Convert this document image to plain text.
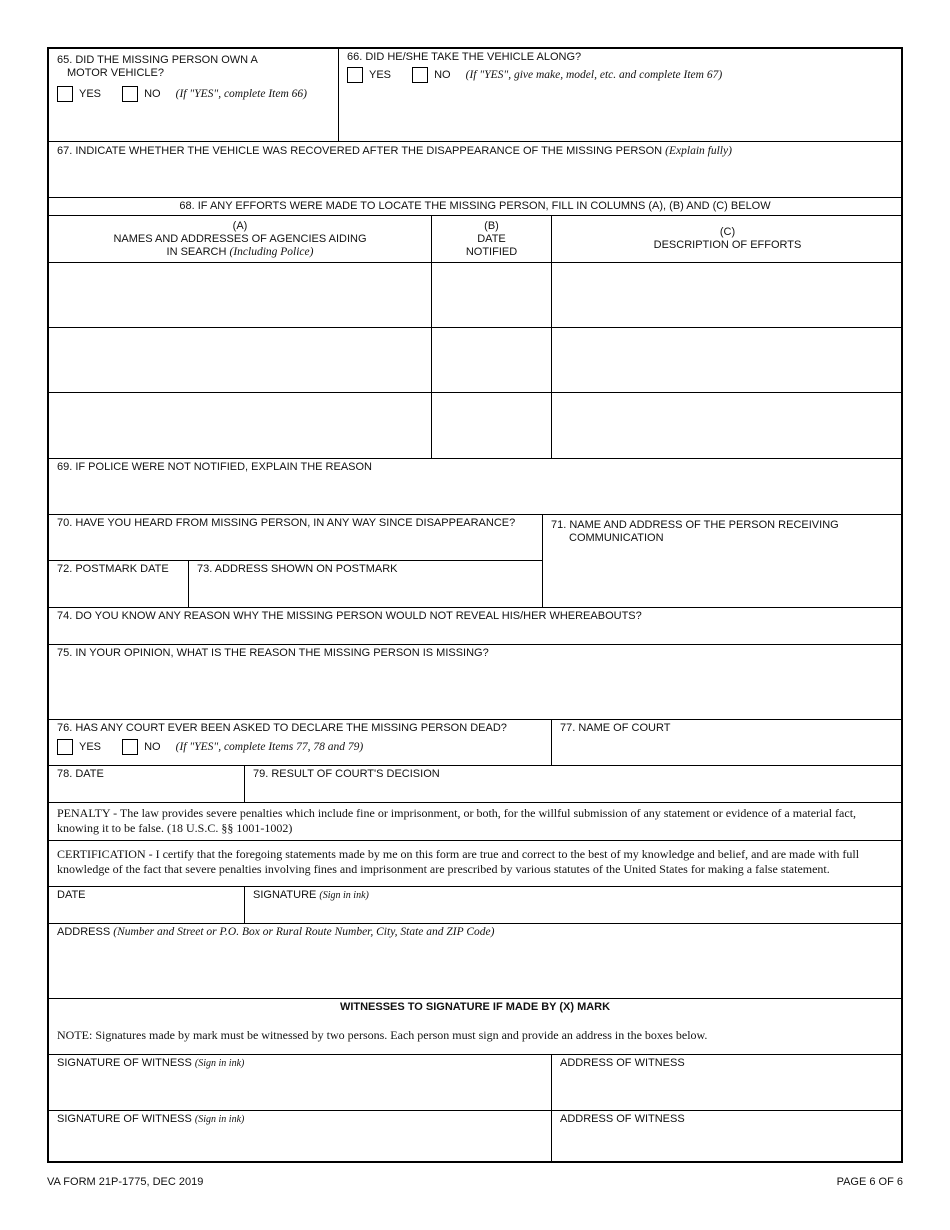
65. DID THE MISSING PERSON OWN A
MOTOR VEHICLE?
YES	NO (If "YES", complete Item 66)
66. DID HE/SHE TAKE THE VEHICLE ALONG?
YES	NO (If "YES", give make, model, etc. and complete Item 67)
67. INDICATE WHETHER THE VEHICLE WAS RECOVERED AFTER THE DISAPPEARANCE OF THE MISSING PERSON (Explain fully)
68. IF ANY EFFORTS WERE MADE TO LOCATE THE MISSING PERSON, FILL IN COLUMNS (A), (B) AND (C) BELOW
(A)
NAMES AND ADDRESSES OF AGENCIES AIDING
IN SEARCH (Including Police)
(B)
DATE
NOTIFIED
(C)
DESCRIPTION OF EFFORTS
69. IF POLICE WERE NOT NOTIFIED, EXPLAIN THE REASON
70. HAVE YOU HEARD FROM MISSING PERSON, IN ANY WAY SINCE DISAPPEARANCE?
72. POSTMARK DATE	73. ADDRESS SHOWN ON POSTMARK
71. NAME AND ADDRESS OF THE PERSON RECEIVING
COMMUNICATION
74. DO YOU KNOW ANY REASON WHY THE MISSING PERSON WOULD NOT REVEAL HIS/HER WHEREABOUTS?
75. IN YOUR OPINION, WHAT IS THE REASON THE MISSING PERSON IS MISSING?
76. HAS ANY COURT EVER BEEN ASKED TO DECLARE THE MISSING PERSON DEAD?
YES	NO (If "YES", complete Items 77, 78 and 79)
77. NAME OF COURT
78. DATE	79. RESULT OF COURT'S DECISION
PENALTY - The law provides severe penalties which include fine or imprisonment, or both, for the willful submission of any statement or evidence of a material fact, knowing it to be false. (18 U.S.C. §§ 1001-1002)
CERTIFICATION - I certify that the foregoing statements made by me on this form are true and correct to the best of my knowledge and belief, and are made with full knowledge of the fact that severe penalties involving fines and imprisonment are prescribed by various statutes of the United States for making a false statement.
DATE	SIGNATURE (Sign in ink)
ADDRESS (Number and Street or P.O. Box or Rural Route Number, City, State and ZIP Code)
WITNESSES TO SIGNATURE IF MADE BY (X) MARK
NOTE: Signatures made by mark must be witnessed by two persons. Each person must sign and provide an address in the boxes below.
SIGNATURE OF WITNESS (Sign in ink)	ADDRESS OF WITNESS
SIGNATURE OF WITNESS (Sign in ink)	ADDRESS OF WITNESS
VA FORM 21P-1775, DEC 2019	PAGE 6 OF 6
